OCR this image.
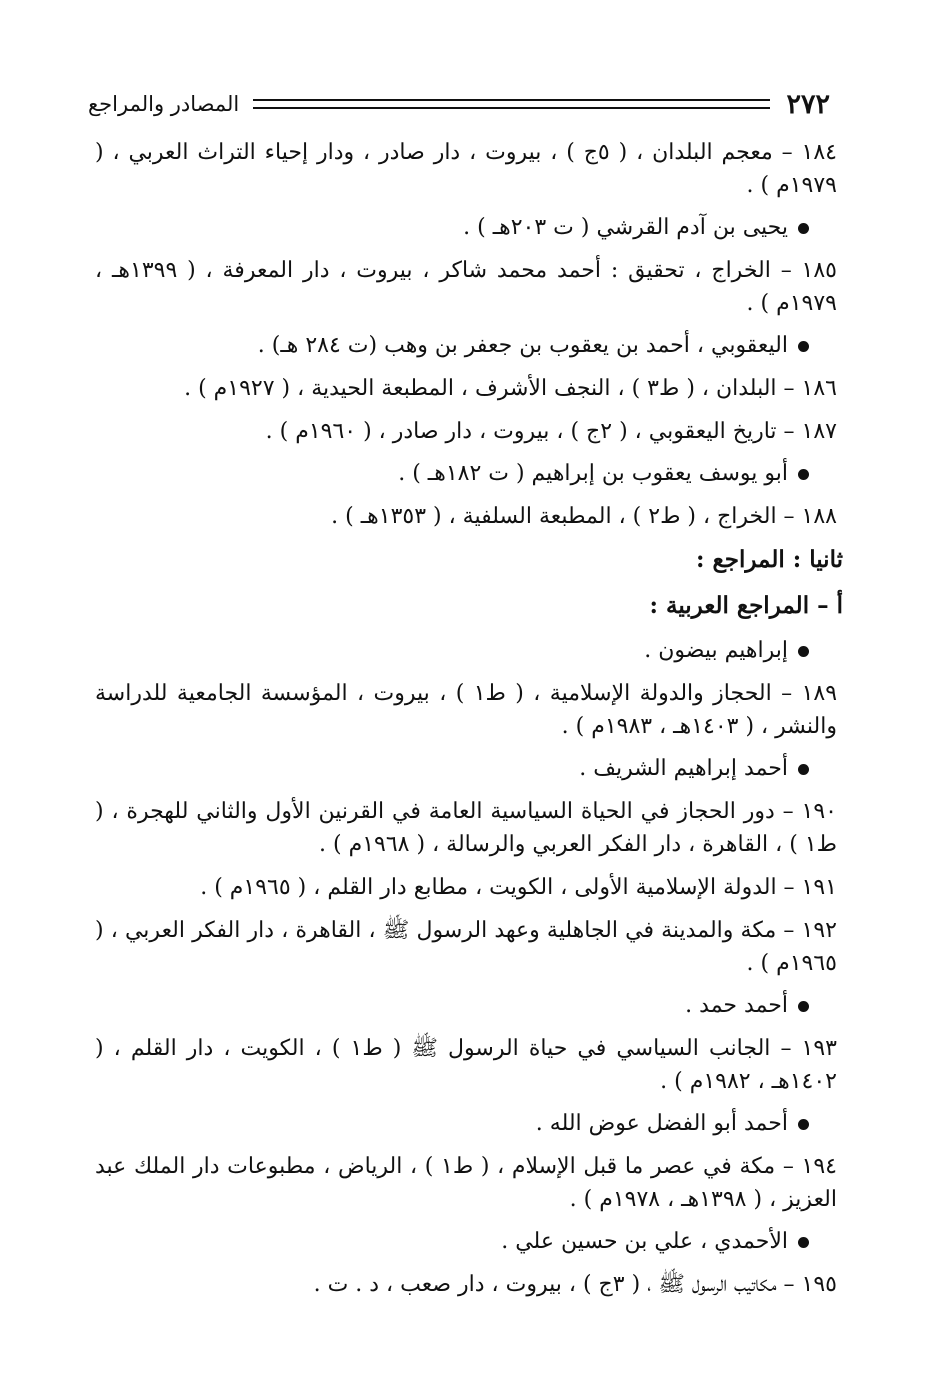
٢٧٢
المصادر والمراجع

١٨٤ – معجم البلدان ، ( ٥ج ) ، بيروت ، دار صادر ، ودار إحياء التراث العربي ، ( ١٩٧٩م ) .

يحيى بن آدم القرشي ( ت ٢٠٣هـ ) .

١٨٥ – الخراج ، تحقيق : أحمد محمد شاكر ، بيروت ، دار المعرفة ، ( ١٣٩٩هـ ، ١٩٧٩م ) .

اليعقوبي ، أحمد بن يعقوب بن جعفر بن وهب (ت ٢٨٤ هـ) .

١٨٦ – البلدان ، ( ط٣ ) ، النجف الأشرف ، المطبعة الحيدية ، ( ١٩٢٧م ) .

١٨٧ – تاريخ اليعقوبي ، ( ٢ج ) ، بيروت ، دار صادر ، ( ١٩٦٠م ) .

أبو يوسف يعقوب بن إبراهيم ( ت ١٨٢هـ ) .

١٨٨ – الخراج ، ( ط٢ ) ، المطبعة السلفية ، ( ١٣٥٣هـ ) .

ثانيا : المراجع :

أ – المراجع العربية :

إبراهيم بيضون .

١٨٩ – الحجاز والدولة الإسلامية ، ( ط١ ) ، بيروت ، المؤسسة الجامعية للدراسة والنشر ، ( ١٤٠٣هـ ، ١٩٨٣م ) .

أحمد إبراهيم الشريف .

١٩٠ – دور الحجاز في الحياة السياسية العامة في القرنين الأول والثاني للهجرة ، ( ط١ ) ، القاهرة ، دار الفكر العربي والرسالة ، ( ١٩٦٨م ) .

١٩١ – الدولة الإسلامية الأولى ، الكويت ، مطابع دار القلم ، ( ١٩٦٥م ) .

١٩٢ – مكة والمدينة في الجاهلية وعهد الرسول ﷺ ، القاهرة ، دار الفكر العربي ، ( ١٩٦٥م ) .

أحمد حمد .

١٩٣ – الجانب السياسي في حياة الرسول ﷺ ( ط١ ) ، الكويت ، دار القلم ، ( ١٤٠٢هـ ، ١٩٨٢م ) .

أحمد أبو الفضل عوض الله .

١٩٤ – مكة في عصر ما قبل الإسلام ، ( ط١ ) ، الرياض ، مطبوعات دار الملك عبد العزيز ، ( ١٣٩٨هـ ، ١٩٧٨م ) .

الأحمدي ، علي بن حسين علي .

١٩٥ – مكاتيب الرسول ﷺ ، ( ٣ج ) ، بيروت ، دار صعب ، د . ت .
